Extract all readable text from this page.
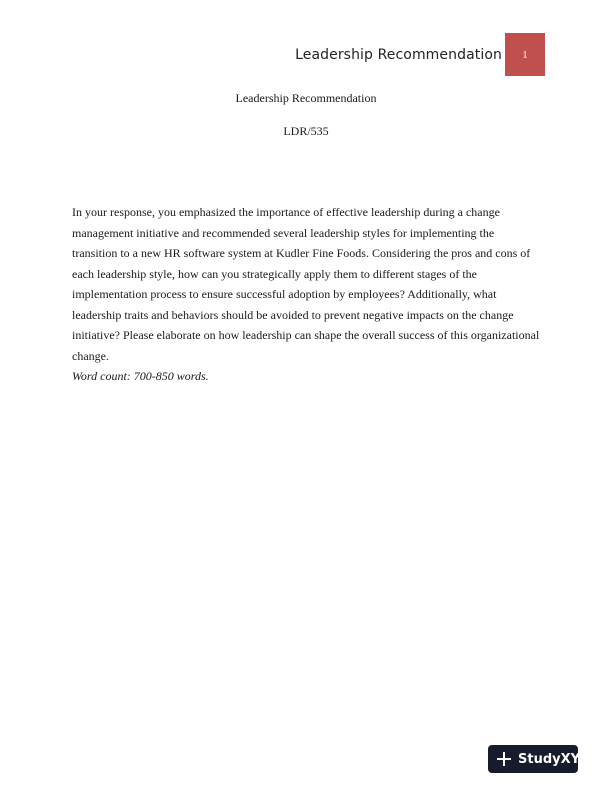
Leadership Recommendation 1
Leadership Recommendation
LDR/535

In your response, you emphasized the importance of effective leadership during a change management initiative and recommended several leadership styles for implementing the transition to a new HR software system at Kudler Fine Foods. Considering the pros and cons of each leadership style, how can you strategically apply them to different stages of the implementation process to ensure successful adoption by employees? Additionally, what leadership traits and behaviors should be avoided to prevent negative impacts on the change initiative? Please elaborate on how leadership can shape the overall success of this organizational change.

Word count: 700-850 words.

StudyXY
